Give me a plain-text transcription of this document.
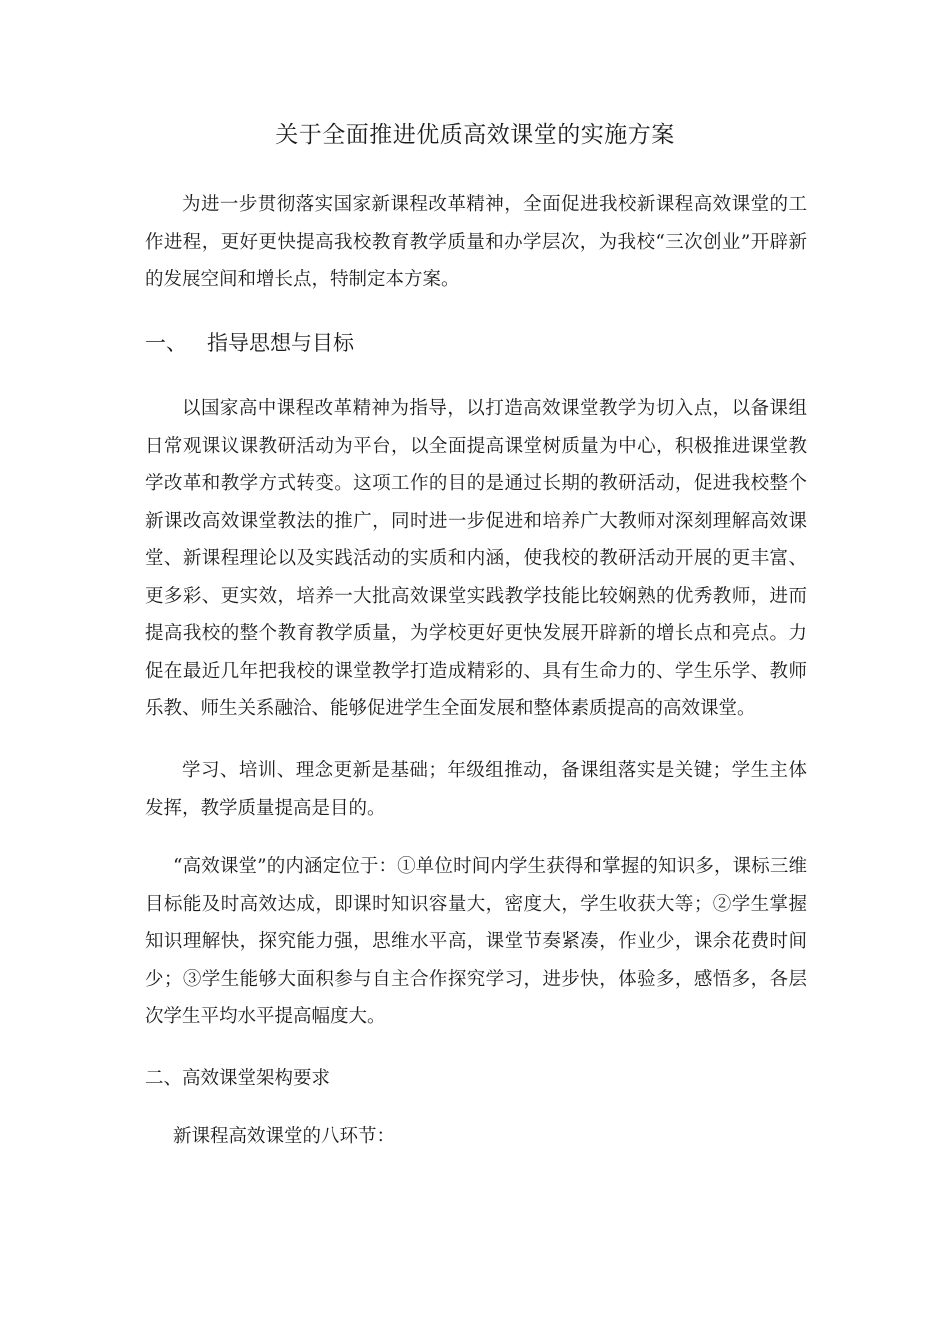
关于全面推进优质高效课堂的实施方案

为进一步贯彻落实国家新课程改革精神，全面促进我校新课程高效课堂的工作进程，更好更快提高我校教育教学质量和办学层次，为我校“三次创业”开辟新的发展空间和增长点，特制定本方案。

一、 指导思想与目标

以国家高中课程改革精神为指导，以打造高效课堂教学为切入点，以备课组日常观课议课教研活动为平台，以全面提高课堂树质量为中心，积极推进课堂教学改革和教学方式转变。这项工作的目的是通过长期的教研活动，促进我校整个新课改高效课堂教法的推广，同时进一步促进和培养广大教师对深刻理解高效课堂、新课程理论以及实践活动的实质和内涵，使我校的教研活动开展的更丰富、更多彩、更实效，培养一大批高效课堂实践教学技能比较娴熟的优秀教师，进而提高我校的整个教育教学质量，为学校更好更快发展开辟新的增长点和亮点。力促在最近几年把我校的课堂教学打造成精彩的、具有生命力的、学生乐学、教师乐教、师生关系融洽、能够促进学生全面发展和整体素质提高的高效课堂。

学习、培训、理念更新是基础；年级组推动，备课组落实是关键；学生主体发挥，教学质量提高是目的。

“高效课堂”的内涵定位于：①单位时间内学生获得和掌握的知识多，课标三维目标能及时高效达成，即课时知识容量大，密度大，学生收获大等；②学生掌握知识理解快，探究能力强，思维水平高，课堂节奏紧凑，作业少，课余花费时间少；③学生能够大面积参与自主合作探究学习，进步快，体验多，感悟多，各层次学生平均水平提高幅度大。

二、高效课堂架构要求

新课程高效课堂的八环节：
